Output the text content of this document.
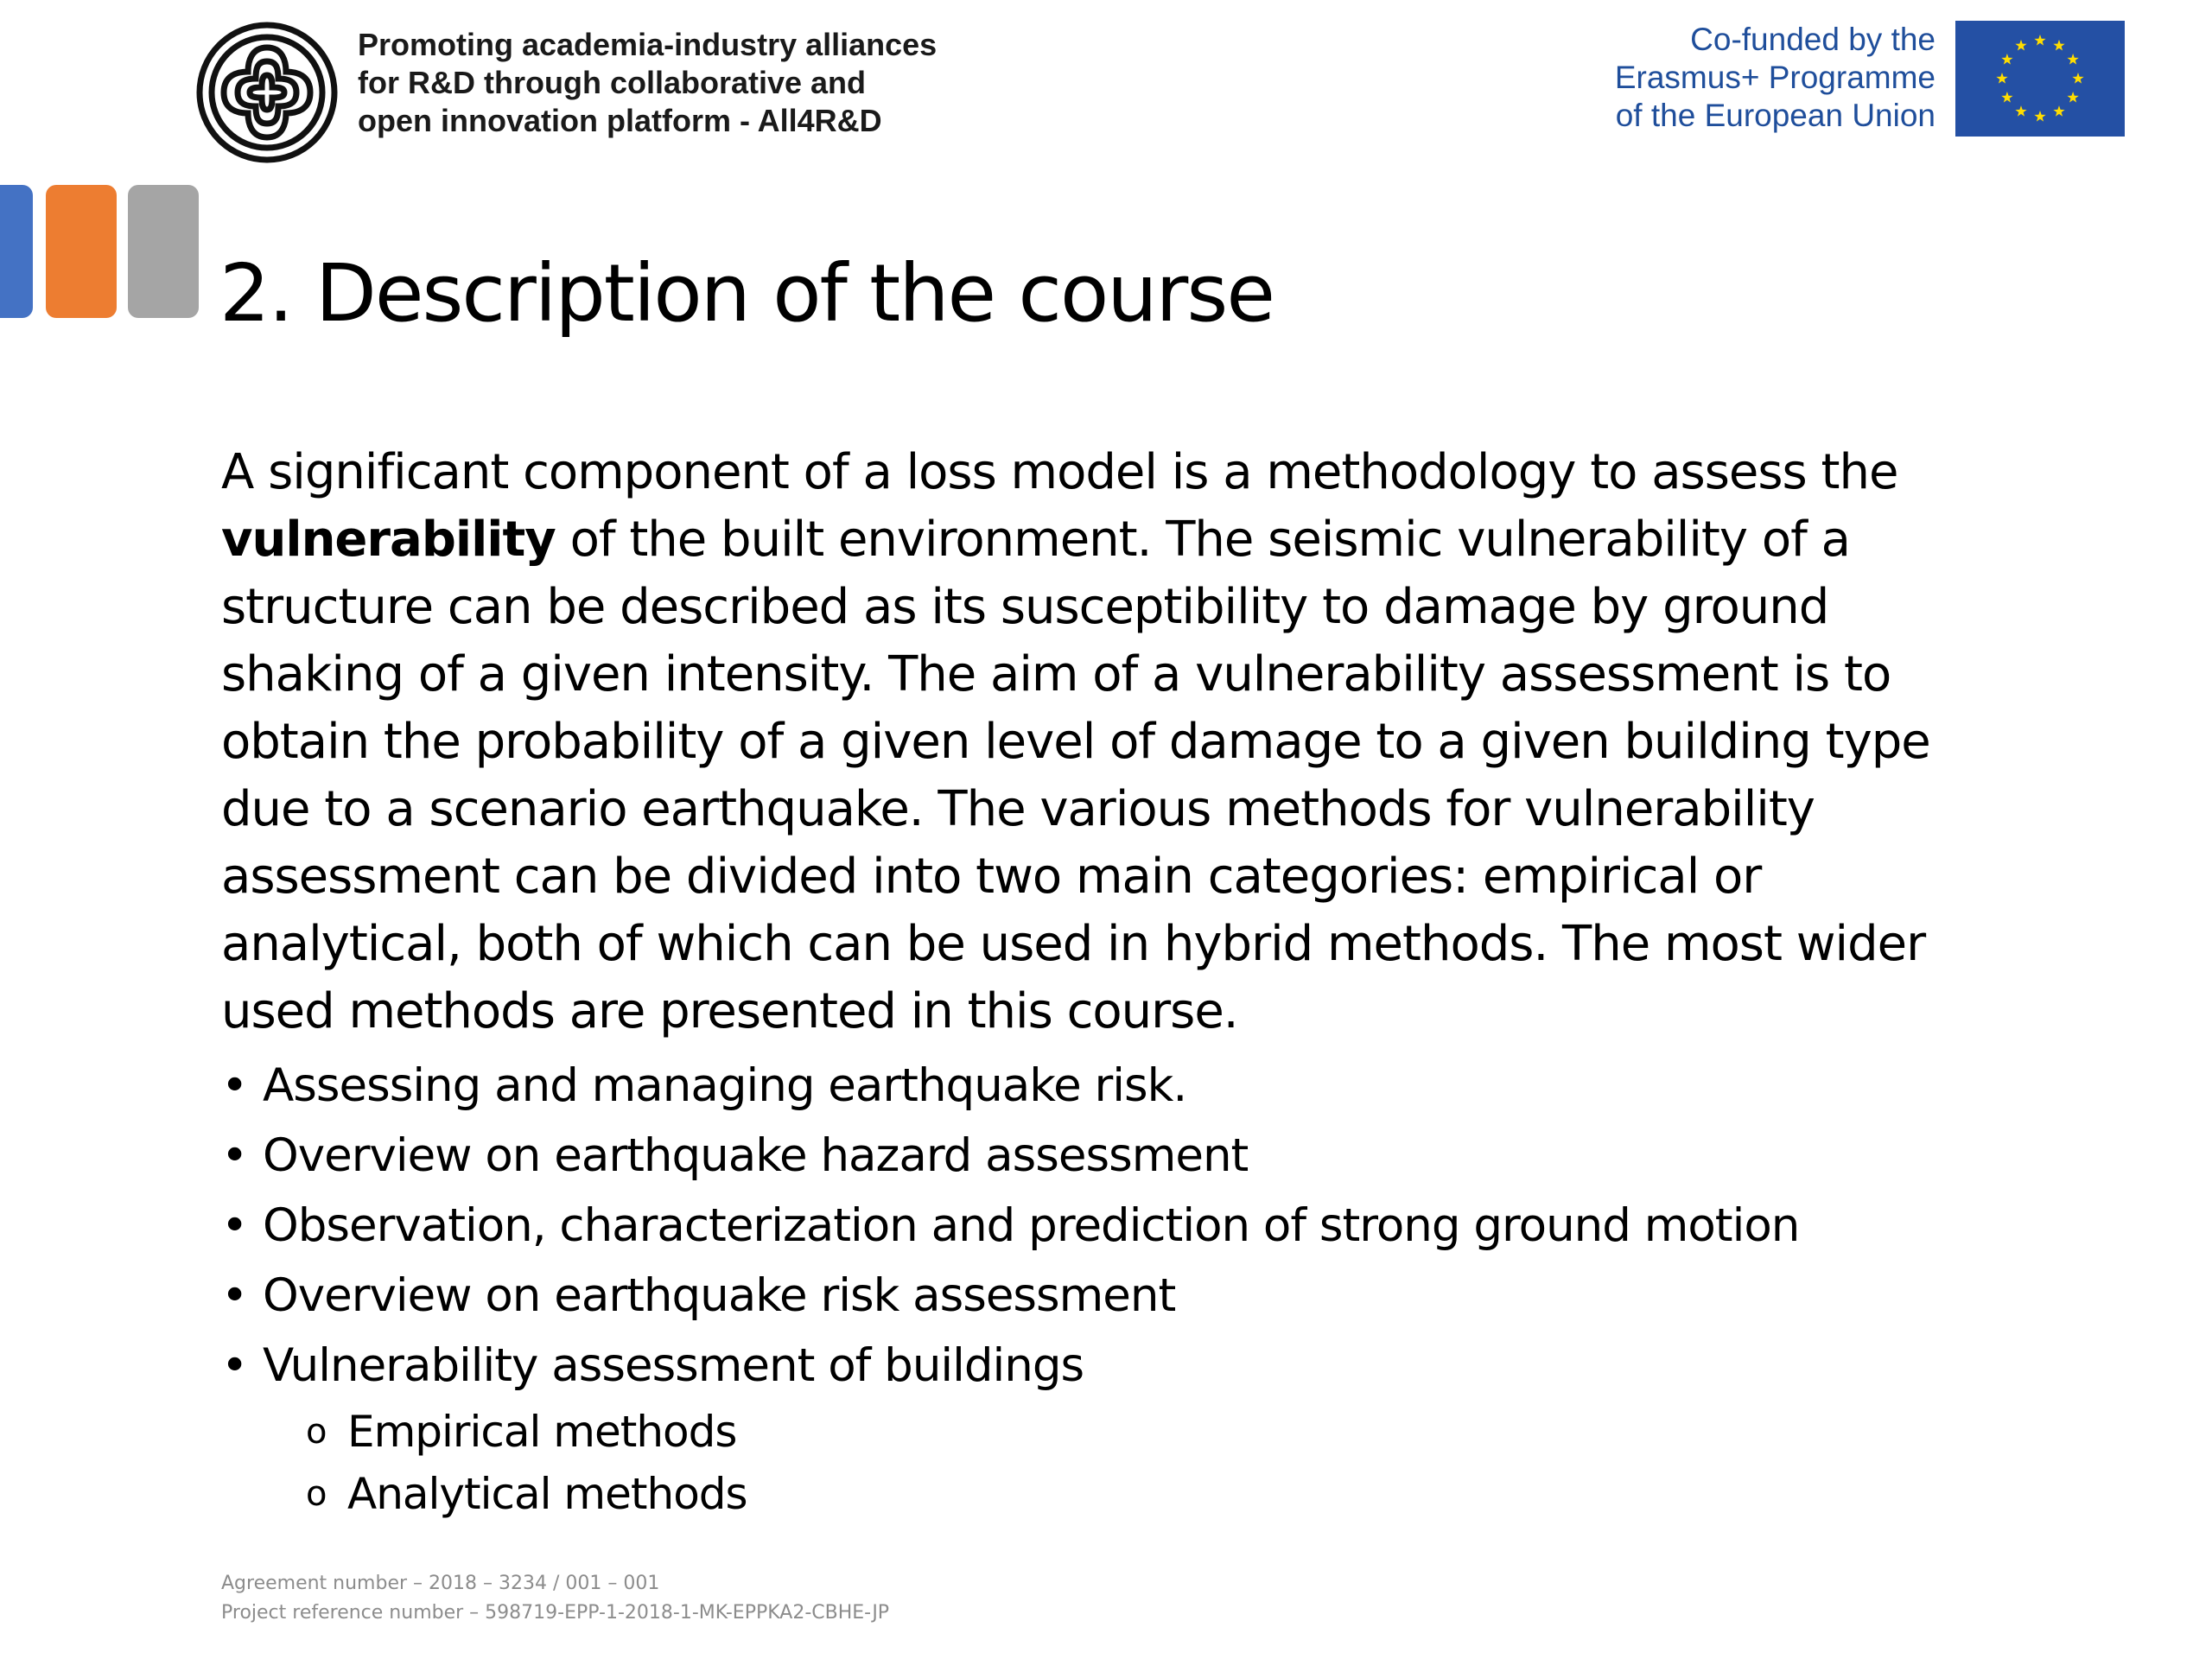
Promoting academia-industry alliances
for R&D through collaborative and
open innovation platform - All4R&D
Co-funded by the
Erasmus+ Programme
of the European Union
2. Description of the course

A significant component of a loss model is a methodology to assess the
vulnerability of the built environment. The seismic vulnerability of a
structure can be described as its susceptibility to damage by ground
shaking of a given intensity. The aim of a vulnerability assessment is to
obtain the probability of a given level of damage to a given building type
due to a scenario earthquake. The various methods for vulnerability
assessment can be divided into two main categories: empirical or
analytical, both of which can be used in hybrid methods. The most wider
used methods are presented in this course.

• Assessing and managing earthquake risk.
• Overview on earthquake hazard assessment
• Observation, characterization and prediction of strong ground motion
• Overview on earthquake risk assessment
• Vulnerability assessment of buildings
o Empirical methods
o Analytical methods
Agreement number – 2018 – 3234 / 001 – 001
Project reference number – 598719-EPP-1-2018-1-MK-EPPKA2-CBHE-JP
